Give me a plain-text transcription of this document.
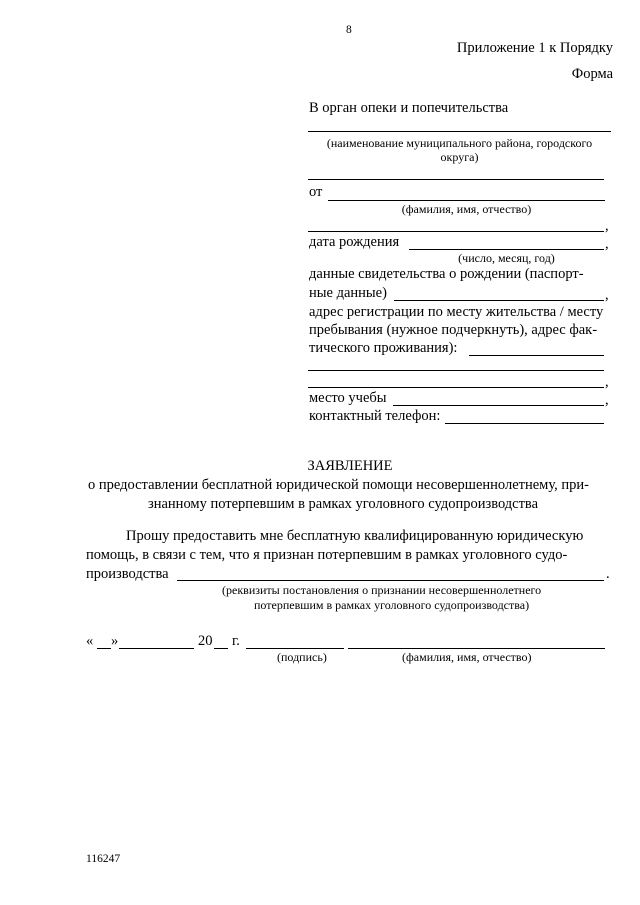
8
Приложение 1 к Порядку
Форма
В орган опеки и попечительства
(наименование муниципального района, городского
округа)
от
(фамилия, имя, отчество)
,
дата рождения	,
(число, месяц, год)
данные свидетельства о рождении (паспорт-
ные данные)	,
адрес регистрации по месту жительства / месту
пребывания (нужное подчеркнуть), адрес фак-
тического проживания):
,
место учебы	,
контактный телефон:
ЗАЯВЛЕНИЕ
о предоставлении бесплатной юридической помощи несовершеннолетнему, при-
знанному потерпевшим в рамках уголовного судопроизводства
Прошу предоставить мне бесплатную квалифицированную юридическую
помощь, в связи с тем, что я признан потерпевшим в рамках уголовного судо-
производства	.
(реквизиты постановления о признании несовершеннолетнего
потерпевшим в рамках уголовного судопроизводства)
« »	20 г.
(подпись)	(фамилия, имя, отчество)
116247
